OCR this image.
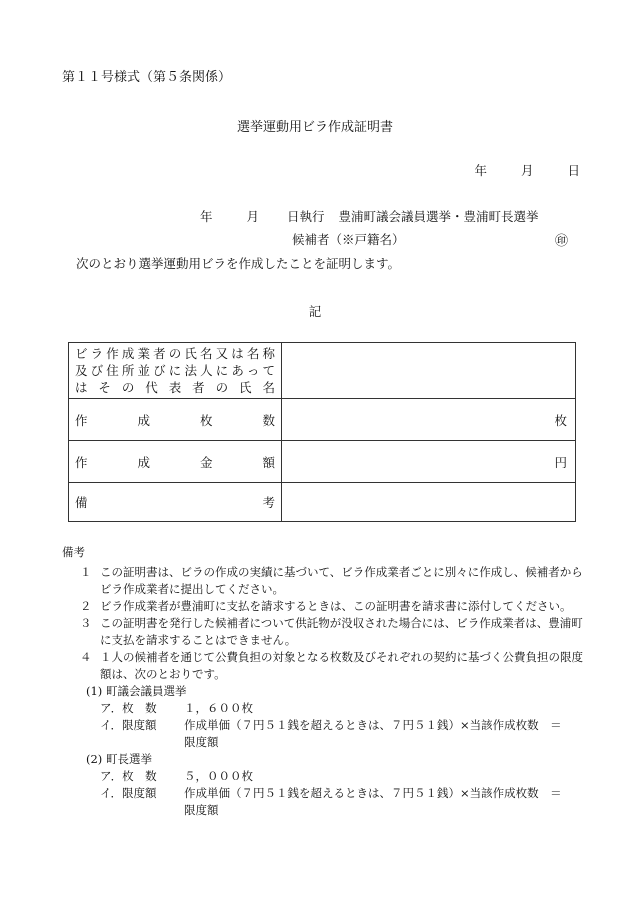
第１１号様式（第５条関係）
選挙運動用ビラ作成証明書
年	月	日
年	月 日執行 豊浦町議会議員選挙・豊浦町長選挙
候補者（※戸籍名）	㊞
次のとおり選挙運動用ビラを作成したことを証明します。
記
ビラ作成業者の氏名又は名称
及び住所並びに法人にあって
はその代表者の氏名	

作 成 枚 数	枚

作 成 金 額	円

備 考	

備考

１ この証明書は、ビラの作成の実績に基づいて、ビラ作成業者ごとに別々に作成し、候補者からビラ作成業者に提出してください。

２ ビラ作成業者が豊浦町に支払を請求するときは、この証明書を請求書に添付してください。

３ この証明書を発行した候補者について供託物が没収された場合には、ビラ作成業者は、豊浦町に支払を請求することはできません。

４ １人の候補者を通じて公費負担の対象となる枚数及びそれぞれの契約に基づく公費負担の限度額は、次のとおりです。

(1) 町議会議員選挙

ア．枚　数	１，６００枚
イ．限度額	作成単価（７円５１銭を超えるときは、７円５１銭）×当該作成枚数　＝

限度額

(2) 町長選挙

ア．枚　数	５，０００枚
イ．限度額	作成単価（７円５１銭を超えるときは、７円５１銭）×当該作成枚数　＝

限度額
